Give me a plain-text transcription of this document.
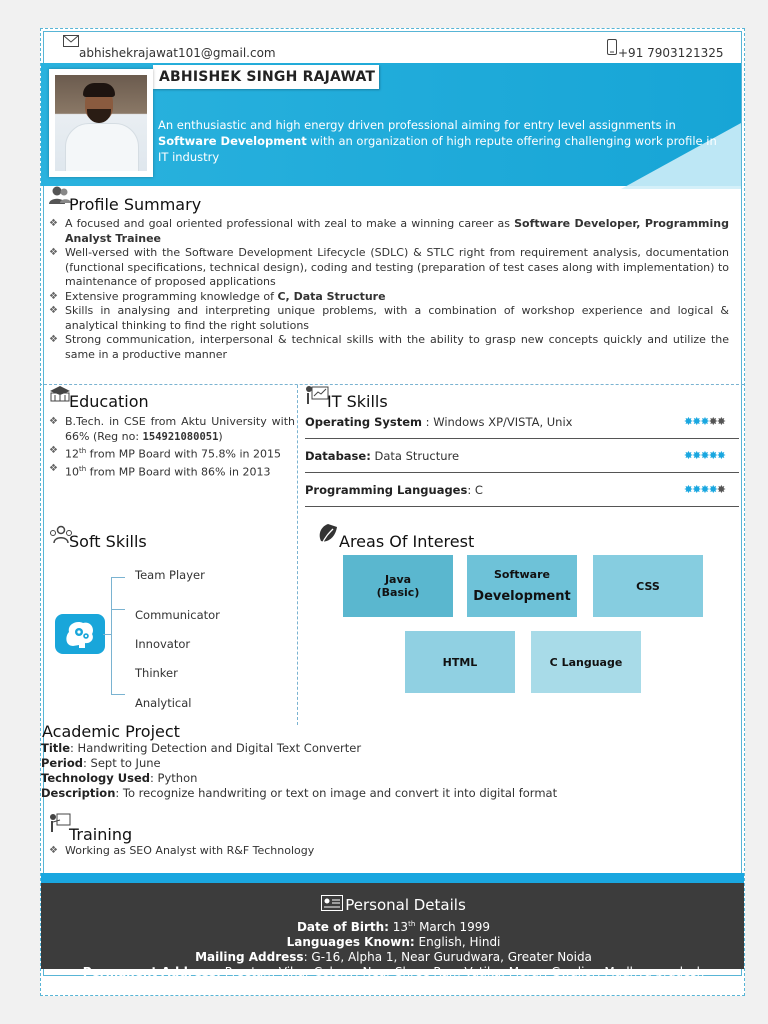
abhishekrajawat101@gmail.com	+91 7903121325
ABHISHEK SINGH RAJAWAT
An enthusiastic and high energy driven professional aiming for entry level assignments in Software Development with an organization of high repute offering challenging work profile in IT industry
Profile Summary
❖ A focused and goal oriented professional with zeal to make a winning career as Software Developer, Programming Analyst Trainee
❖ Well-versed with the Software Development Lifecycle (SDLC) & STLC right from requirement analysis, documentation (functional specifications, technical design), coding and testing (preparation of test cases along with implementation) to maintenance of proposed applications
❖ Extensive programming knowledge of C, Data Structure
❖ Skills in analysing and interpreting unique problems, with a combination of workshop experience and logical & analytical thinking to find the right solutions
❖ Strong communication, interpersonal & technical skills with the ability to grasp new concepts quickly and utilize the same in a productive manner
Education
❖ B.Tech. in CSE from Aktu University with 66% (Reg no: 154921080051)
❖ 12th from MP Board with 75.8% in 2015
❖ 10th from MP Board with 86% in 2013
IT Skills
Operating System : Windows XP/VISTA, Unix	✸✸✸✸✸
Database: Data Structure	✸✸✸✸✸
Programming Languages: C	✸✸✸✸✸
Soft Skills
Team Player
Communicator
Innovator
Thinker
Analytical
Areas Of Interest
Java
(Basic)
Software
Development
CSS
HTML	C Language
Academic Project
Title: Handwriting Detection and Digital Text Converter
Period: Sept to June
Technology Used: Python
Description: To recognize handwriting or text on image and convert it into digital format
Training
❖ Working as SEO Analyst with R&F Technology
Personal Details
Date of Birth: 13th March 1999
Languages Known: English, Hindi
Mailing Address: G-16, Alpha 1, Near Gurudwara, Greater Noida
Permanent Address: Preetam Vihar Colony, Near Shree Ram Vatika, Morar, Gwalior, Madhya pradesh
